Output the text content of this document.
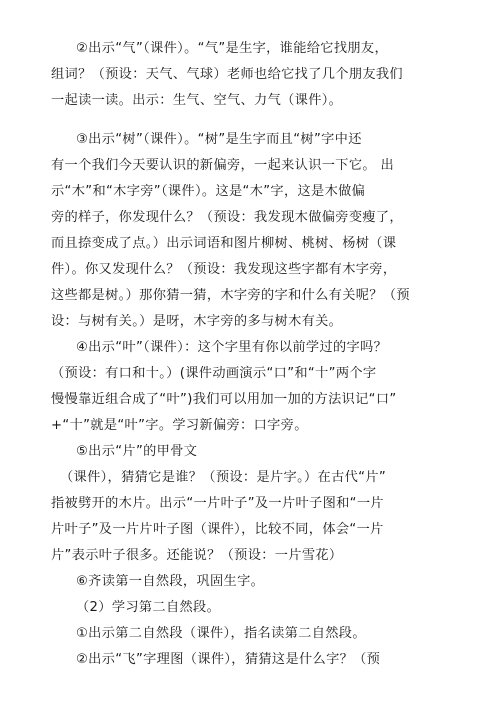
②出示“气”（课件）。“气”是生字，谁能给它找朋友，
组词？（预设：天气、气球）老师也给它找了几个朋友我们
一起读一读。出示：生气、空气、力气（课件）。
③出示“树”（课件）。“树”是生字而且“树”字中还
有一个我们今天要认识的新偏旁，一起来认识一下它。 出
示“木”和“木字旁”（课件）。这是“木”字，这是木做偏
旁的样子，你发现什么？（预设：我发现木做偏旁变瘦了，
而且捺变成了点。）出示词语和图片柳树、桃树、杨树（课
件）。你又发现什么？（预设：我发现这些字都有木字旁，
这些都是树。）那你猜一猜，木字旁的字和什么有关呢？（预
设：与树有关。）是呀，木字旁的多与树木有关。
④出示“叶”（课件）：这个字里有你以前学过的字吗？
（预设：有口和十。）(课件动画演示“口”和“十”两个字
慢慢靠近组合成了“叶”)我们可以用加一加的方法识记“口”
+“十”就是“叶”字。学习新偏旁：口字旁。
⑤出示“片”的甲骨文
（课件），猜猜它是谁？（预设：是片字。）在古代“片”
指被劈开的木片。出示“一片叶子”及一片叶子图和“一片
片叶子”及一片片叶子图（课件），比较不同，体会“一片
片”表示叶子很多。还能说？（预设：一片雪花）
⑥齐读第一自然段，巩固生字。
（2）学习第二自然段。
①出示第二自然段（课件），指名读第二自然段。
②出示“飞”字理图（课件），猜猜这是什么字？（预
